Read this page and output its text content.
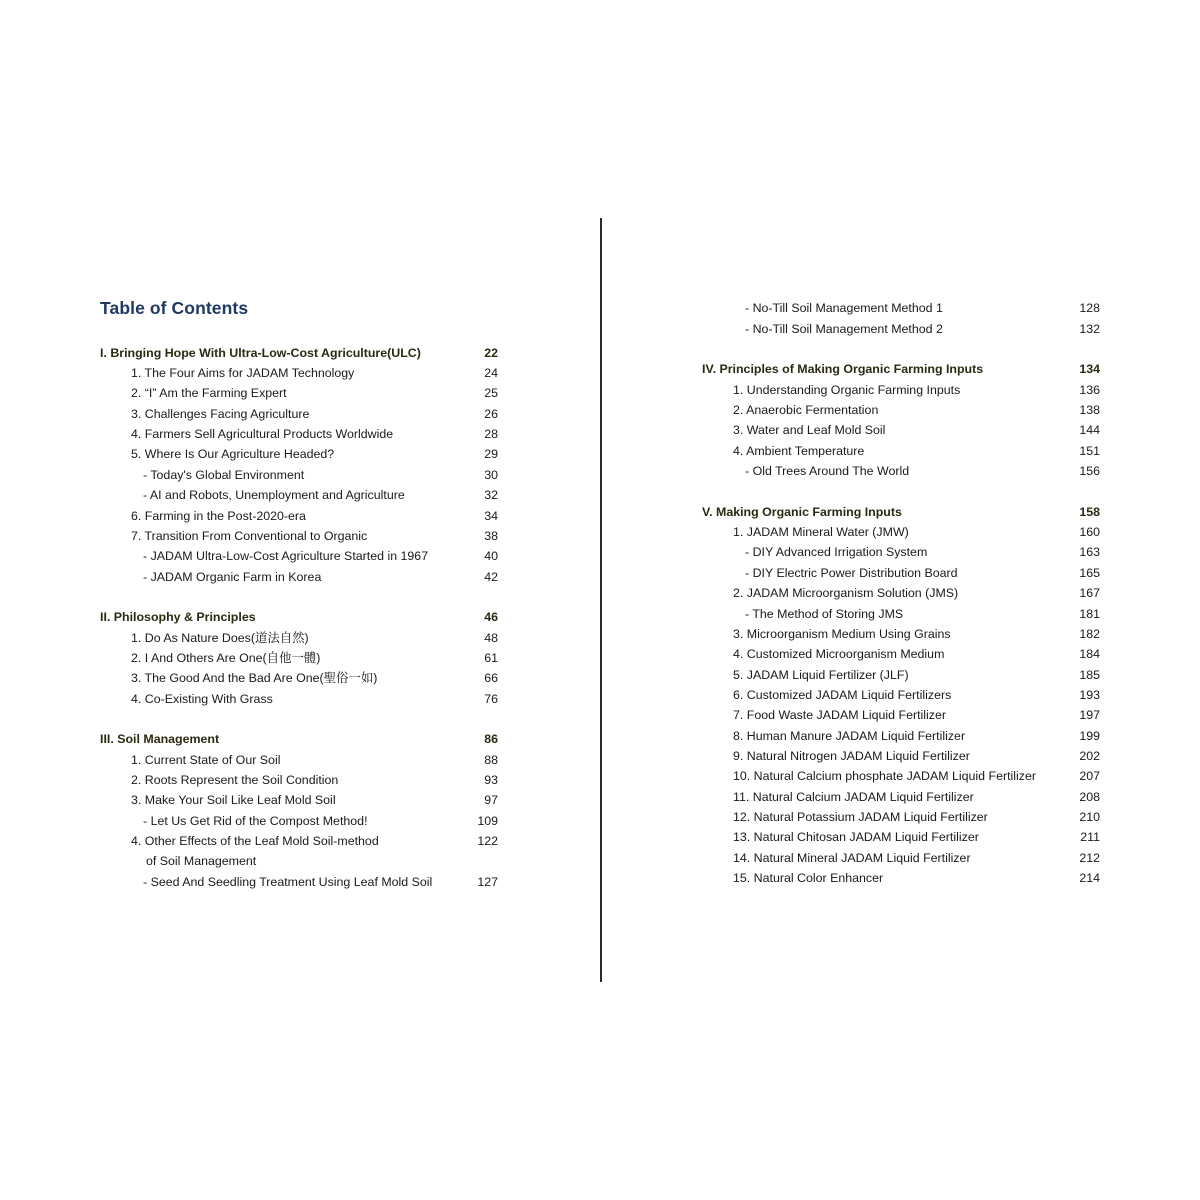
Table of Contents
I. Bringing Hope With Ultra-Low-Cost Agriculture(ULC)	22
1. The Four Aims for JADAM Technology	24
2. “I” Am the Farming Expert	25
3. Challenges Facing Agriculture	26
4. Farmers Sell Agricultural Products Worldwide	28
5. Where Is Our Agriculture Headed?	29
- Today's Global Environment	30
- AI and Robots, Unemployment and Agriculture	32
6. Farming in the Post-2020-era	34
7. Transition From Conventional to Organic	38
- JADAM Ultra-Low-Cost Agriculture Started in 1967	40
- JADAM Organic Farm in Korea	42
II. Philosophy & Principles	46
1. Do As Nature Does(道法自然)	48
2. I And Others Are One(自他一體)	61
3. The Good And the Bad Are One(聖俗一如)	66
4. Co-Existing With Grass	76
III. Soil Management	86
1. Current State of Our Soil	88
2. Roots Represent the Soil Condition	93
3. Make Your Soil Like Leaf Mold Soil	97
- Let Us Get Rid of the Compost Method!	109
4. Other Effects of the Leaf Mold Soil-method	122
of Soil Management
- Seed And Seedling Treatment Using Leaf Mold Soil	127
- No-Till Soil Management Method 1	128
- No-Till Soil Management Method 2	132
IV. Principles of Making Organic Farming Inputs	134
1. Understanding Organic Farming Inputs	136
2. Anaerobic Fermentation	138
3. Water and Leaf Mold Soil	144
4. Ambient Temperature	151
- Old Trees Around The World	156
V. Making Organic Farming Inputs	158
1. JADAM Mineral Water (JMW)	160
- DIY Advanced Irrigation System	163
- DIY Electric Power Distribution Board	165
2. JADAM Microorganism Solution (JMS)	167
- The Method of Storing JMS	181
3. Microorganism Medium Using Grains	182
4. Customized Microorganism Medium	184
5. JADAM Liquid Fertilizer (JLF)	185
6. Customized JADAM Liquid Fertilizers	193
7. Food Waste JADAM Liquid Fertilizer	197
8. Human Manure JADAM Liquid Fertilizer	199
9. Natural Nitrogen JADAM Liquid Fertilizer	202
10. Natural Calcium phosphate JADAM Liquid Fertilizer	207
11. Natural Calcium JADAM Liquid Fertilizer	208
12. Natural Potassium JADAM Liquid Fertilizer	210
13. Natural Chitosan JADAM Liquid Fertilizer	211
14. Natural Mineral JADAM Liquid Fertilizer	212
15. Natural Color Enhancer	214
